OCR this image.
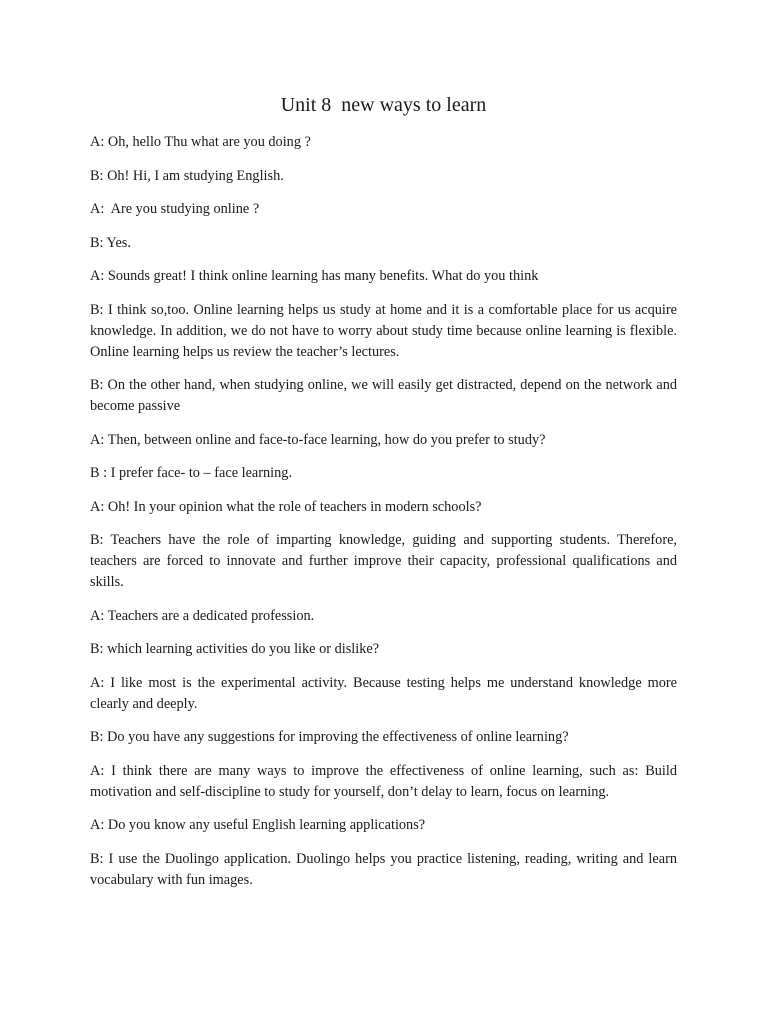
Unit 8  new ways to learn

A: Oh, hello Thu what are you doing ?

B: Oh! Hi, I am studying English.

A:  Are you studying online ?

B: Yes.

A: Sounds great! I think online learning has many benefits. What do you think

B: I think so,too. Online learning helps us study at home and it is a comfortable place for us acquire knowledge. In addition, we do not have to worry about study time because online learning is flexible. Online learning helps us review the teacher’s lectures.

B: On the other hand, when studying online, we will easily get distracted, depend on the network and become passive

A: Then, between online and face-to-face learning, how do you prefer to study?

B : I prefer face- to – face learning.

A: Oh! In your opinion what the role of teachers in modern schools?

B: Teachers have the role of imparting knowledge, guiding and supporting students. Therefore, teachers are forced to innovate and further improve their capacity, professional qualifications and skills.

A: Teachers are a dedicated profession.

B: which learning activities do you like or dislike?

A: I like most is the experimental activity. Because testing helps me understand knowledge more clearly and deeply.

B: Do you have any suggestions for improving the effectiveness of online learning?

A: I think there are many ways to improve the effectiveness of online learning, such as: Build motivation and self-discipline to study for yourself, don’t delay to learn, focus on learning.

A: Do you know any useful English learning applications?

B: I use the Duolingo application. Duolingo helps you practice listening, reading, writing and learn vocabulary with fun images.
